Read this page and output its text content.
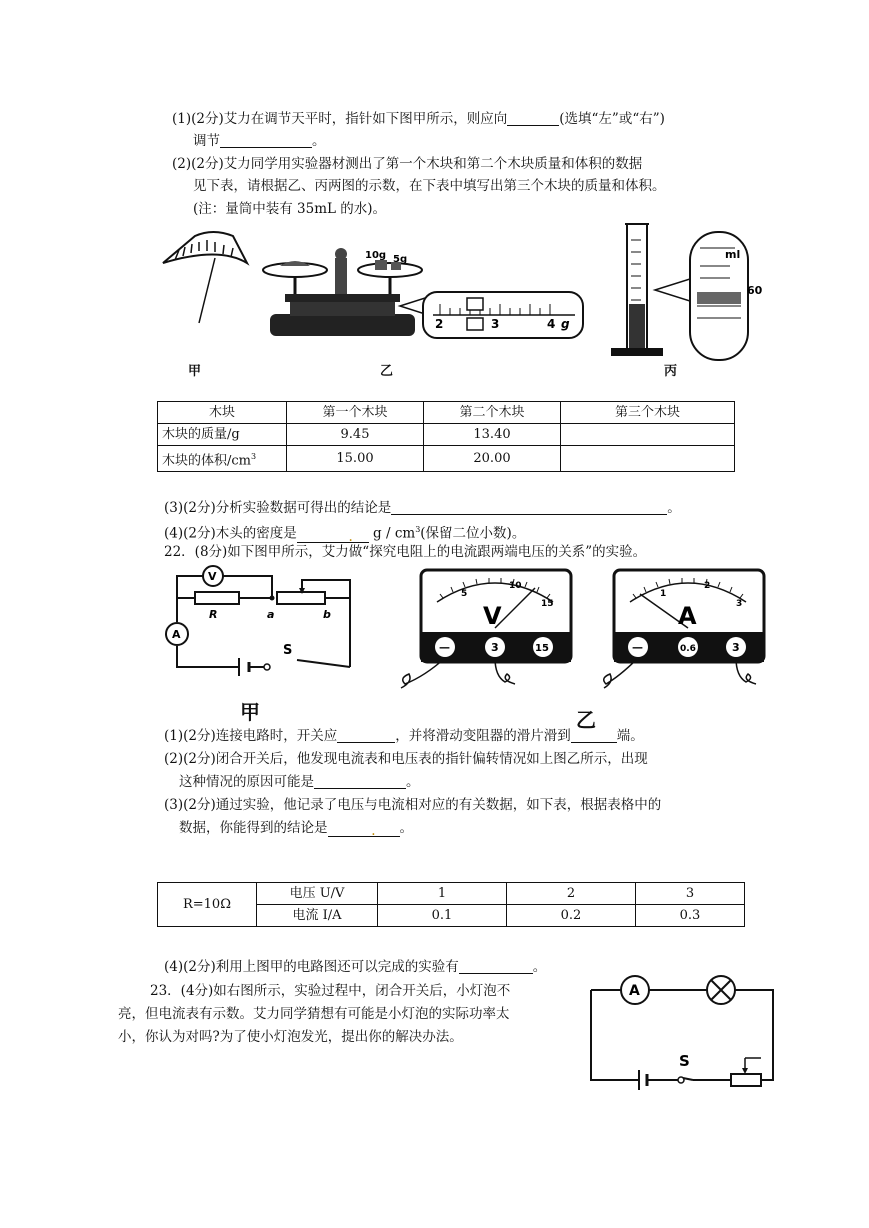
(1)(2分)艾力在调节天平时，指针如下图甲所示，则应向	(选填“左”或“右”)
调节	。
(2)(2分)艾力同学用实验器材测出了第一个木块和第二个木块质量和体积的数据
见下表，请根据乙、丙两图的示数，在下表中填写出第三个木块的质量和体积。
(注：量筒中装有 35mL 的水)。
10g 5g
2	3	4 g
ml
60
甲	乙	丙
木块	第一个木块	第二个木块	第三个木块
木块的质量/g	9.45	13.40	
木块的体积$/cm^3$	15.00	20.00	
(3)(2分)分析实验数据可得出的结论是	。
(4)(2分)木头的密度是	. g / $cm^3$(保留二位小数)。
22．(8分)如下图甲所示，艾力做“探究电阻上的电流跟两端电压的关系”的实验。
V
R	a	b
A
S
甲
5
10
15
V
—	3	15
1
2
3
A
—	0.6	3
乙
(1)(2分)连接电路时，开关应	，并将滑动变阻器的滑片滑到	端。
(2)(2分)闭合开关后，他发现电流表和电压表的指针偏转情况如上图乙所示，出现
这种情况的原因可能是	。
(3)(2分)通过实验，他记录了电压与电流相对应的有关数据，如下表，根据表格中的
数据，你能得到的结论是	. 。
R=10Ω	电压 U/V	1	2	3
	电流 I/A	0.1	0.2	0.3
(4)(2分)利用上图甲的电路图还可以完成的实验有	。
23．(4分)如右图所示，实验过程中，闭合开关后，小灯泡不
亮，但电流表有示数。艾力同学猜想有可能是小灯泡的实际功率太
小，你认为对吗?为了使小灯泡发光，提出你的解决办法。
A
S
